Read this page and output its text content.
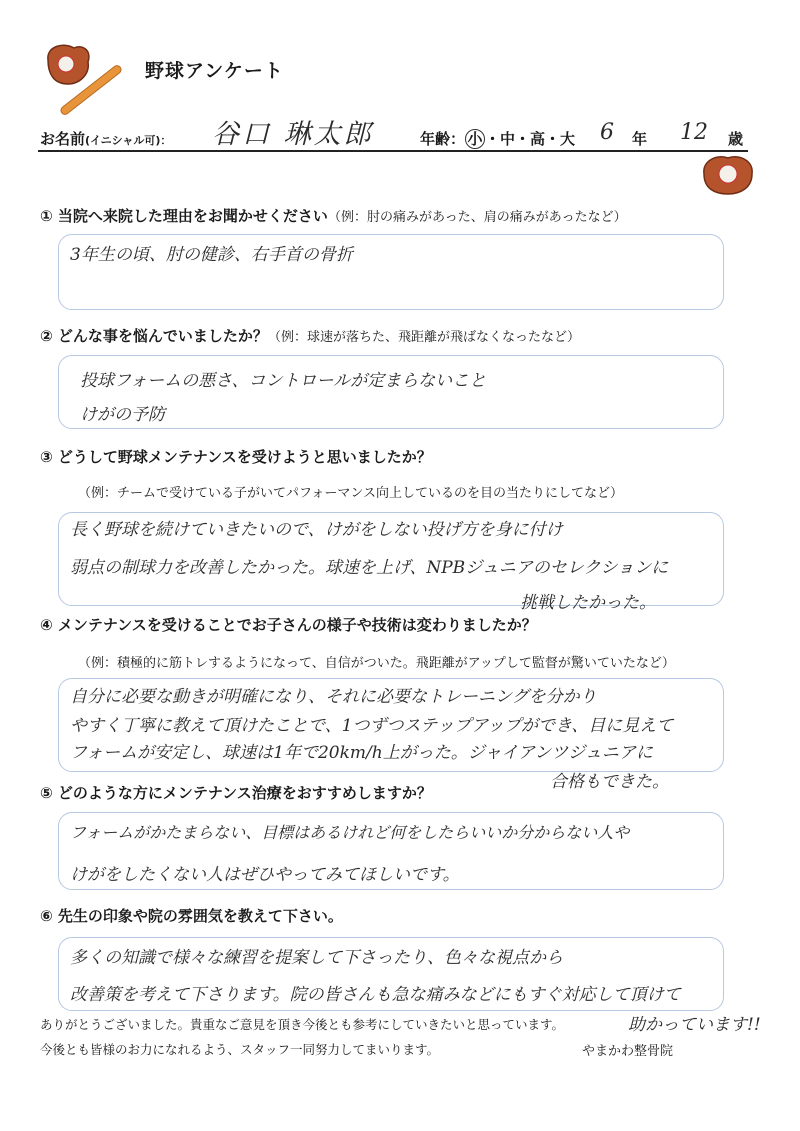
野球アンケート
お名前(イニシャル可)： 谷口 琳太郎	年齢： 小 ・中・高・大 6 年 12 歳
① 当院へ来院した理由をお聞かせください（例：肘の痛みがあった、肩の痛みがあったなど）
3年生の頃、肘の健診、右手首の骨折
② どんな事を悩んでいましたか？（例：球速が落ちた、飛距離が飛ばなくなったなど）
投球フォームの悪さ、コントロールが定まらないこと
けがの予防
③ どうして野球メンテナンスを受けようと思いましたか？
（例：チームで受けている子がいてパフォーマンス向上しているのを目の当たりにしてなど）
長く野球を続けていきたいので、けがをしない投げ方を身に付け
弱点の制球力を改善したかった。球速を上げ、NPBジュニアのセレクションに
挑戦したかった。
④ メンテナンスを受けることでお子さんの様子や技術は変わりましたか？
（例：積極的に筋トレするようになって、自信がついた。飛距離がアップして監督が驚いていたなど）
自分に必要な動きが明確になり、それに必要なトレーニングを分かり
やすく丁寧に教えて頂けたことで、1つずつステップアップができ、目に見えて
フォームが安定し、球速は1年で20km/h上がった。ジャイアンツジュニアに
合格もできた。
⑤ どのような方にメンテナンス治療をおすすめしますか？
フォームがかたまらない、目標はあるけれど何をしたらいいか分からない人や
けがをしたくない人はぜひやってみてほしいです。
⑥ 先生の印象や院の雰囲気を教えて下さい。
多くの知識で様々な練習を提案して下さったり、色々な視点から
改善策を考えて下さります。院の皆さんも急な痛みなどにもすぐ対応して頂けて
助かっています!!
ありがとうございました。貴重なご意見を頂き今後とも参考にしていきたいと思っています。
今後とも皆様のお力になれるよう、スタッフ一同努力してまいります。	やまかわ整骨院
